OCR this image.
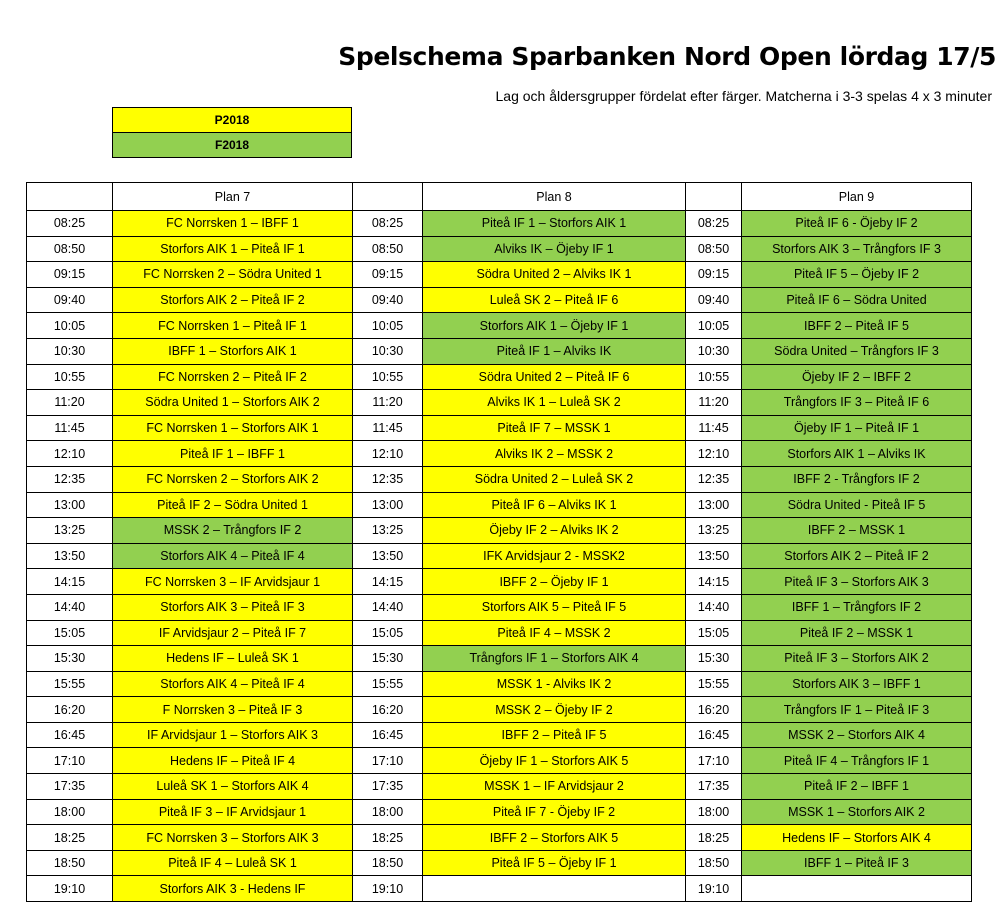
Spelschema Sparbanken Nord Open lördag 17/5
Lag och åldersgrupper fördelat efter färger. Matcherna i 3-3 spelas 4 x 3 minuter
P2018
F2018
	Plan 7		Plan 8		Plan 9
08:25	FC Norrsken 1 – IBFF 1	08:25	Piteå IF 1 – Storfors AIK 1	08:25	Piteå IF 6 - Öjeby IF 2
08:50	Storfors AIK 1 – Piteå IF 1	08:50	Alviks IK – Öjeby IF 1	08:50	Storfors AIK 3 – Trångfors IF 3
09:15	FC Norrsken 2 – Södra United 1	09:15	Södra United 2 – Alviks IK 1	09:15	Piteå IF 5 – Öjeby IF 2
09:40	Storfors AIK 2 – Piteå IF 2	09:40	Luleå SK 2 – Piteå IF 6	09:40	Piteå IF 6 – Södra United
10:05	FC Norrsken 1 – Piteå IF 1	10:05	Storfors AIK 1 – Öjeby IF 1	10:05	IBFF 2 – Piteå IF 5
10:30	IBFF 1 – Storfors AIK 1	10:30	Piteå IF 1 – Alviks IK	10:30	Södra United – Trångfors IF 3
10:55	FC Norrsken 2 – Piteå IF 2	10:55	Södra United 2 – Piteå IF 6	10:55	Öjeby IF 2 – IBFF 2
11:20	Södra United 1 – Storfors AIK 2	11:20	Alviks IK 1 – Luleå SK 2	11:20	Trångfors IF 3 – Piteå IF 6
11:45	FC Norrsken 1 – Storfors AIK 1	11:45	Piteå IF 7 – MSSK 1	11:45	Öjeby IF 1 – Piteå IF 1
12:10	Piteå IF 1 – IBFF 1	12:10	Alviks IK 2 – MSSK 2	12:10	Storfors AIK 1 – Alviks IK
12:35	FC Norrsken 2 – Storfors AIK 2	12:35	Södra United 2 – Luleå SK 2	12:35	IBFF 2 - Trångfors IF 2
13:00	Piteå IF 2 – Södra United 1	13:00	Piteå IF 6 – Alviks IK 1	13:00	Södra United - Piteå IF 5
13:25	MSSK 2 – Trångfors IF 2	13:25	Öjeby IF 2 – Alviks IK 2	13:25	IBFF 2 – MSSK 1
13:50	Storfors AIK 4 – Piteå IF 4	13:50	IFK Arvidsjaur 2 - MSSK2	13:50	Storfors AIK 2 – Piteå IF 2
14:15	FC Norrsken 3 – IF Arvidsjaur 1	14:15	IBFF 2 – Öjeby IF 1	14:15	Piteå IF 3 – Storfors AIK 3
14:40	Storfors AIK 3 – Piteå IF 3	14:40	Storfors AIK 5 – Piteå IF 5	14:40	IBFF 1 – Trångfors IF 2
15:05	IF Arvidsjaur 2 – Piteå IF 7	15:05	Piteå IF 4 – MSSK 2	15:05	Piteå IF 2 – MSSK 1
15:30	Hedens IF – Luleå SK 1	15:30	Trångfors IF 1 – Storfors AIK 4	15:30	Piteå IF 3 – Storfors AIK 2
15:55	Storfors AIK 4 – Piteå IF 4	15:55	MSSK 1 - Alviks IK 2	15:55	Storfors AIK 3 – IBFF 1
16:20	F Norrsken 3 – Piteå IF 3	16:20	MSSK 2 – Öjeby IF 2	16:20	Trångfors IF 1 – Piteå IF 3
16:45	IF Arvidsjaur 1 – Storfors AIK 3	16:45	IBFF 2 – Piteå IF 5	16:45	MSSK 2 – Storfors AIK 4
17:10	Hedens IF – Piteå IF 4	17:10	Öjeby IF 1 – Storfors AIK 5	17:10	Piteå IF 4 – Trångfors IF 1
17:35	Luleå SK 1 – Storfors AIK 4	17:35	MSSK 1 – IF Arvidsjaur 2	17:35	Piteå IF 2 – IBFF 1
18:00	Piteå IF 3 – IF Arvidsjaur 1	18:00	Piteå IF 7 - Öjeby IF 2	18:00	MSSK 1 – Storfors AIK 2
18:25	FC Norrsken 3 – Storfors AIK 3	18:25	IBFF 2 – Storfors AIK 5	18:25	Hedens IF – Storfors AIK 4
18:50	Piteå IF 4 – Luleå SK 1	18:50	Piteå IF 5 – Öjeby IF 1	18:50	IBFF 1 – Piteå IF 3
19:10	Storfors AIK 3 - Hedens IF	19:10		19:10	
